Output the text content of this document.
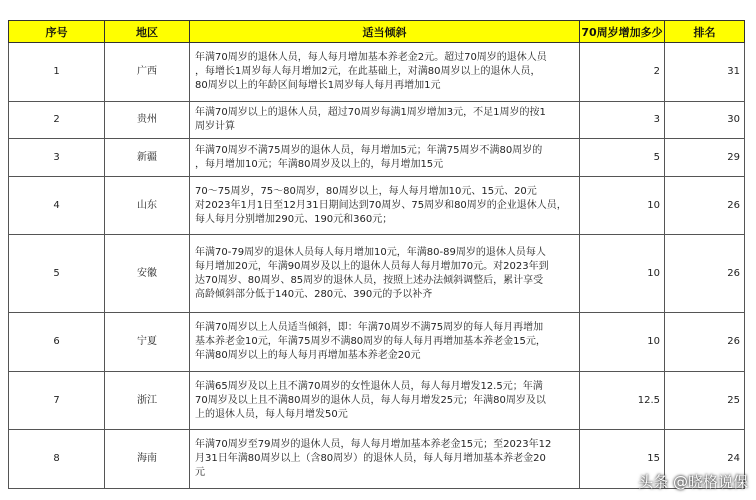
序号	地区	适当倾斜	70周岁增加多少	排名
1	广西	年满70周岁的退休人员，每人每月增加基本养老金2元。超过70周岁的退休人员
，每增长1周岁每人每月增加2元，在此基础上，对满80周岁以上的退休人员，
80周岁以上的年龄区间每增长1周岁每人每月再增加1元	2	31
2	贵州	年满70周岁以上的退休人员，超过70周岁每满1周岁增加3元，不足1周岁的按1
周岁计算	3	30
3	新疆	年满70周岁不满75周岁的退休人员，每月增加5元；年满75周岁不满80周岁的
，每月增加10元；年满80周岁及以上的，每月增加15元	5	29
4	山东	70～75周岁，75～80周岁，80周岁以上，每人每月增加10元、15元、20元
对2023年1月1日至12月31日期间达到70周岁、75周岁和80周岁的企业退休人员，
每人每月分别增加290元、190元和360元；	10	26
5	安徽	年满70-79周岁的退休人员每人每月增加10元，年满80-89周岁的退休人员每人
每月增加20元，年满90周岁及以上的退休人员每人每月增加70元。对2023年到
达70周岁、80周岁、85周岁的退休人员，按照上述办法倾斜调整后，累计享受
高龄倾斜部分低于140元、280元、390元的予以补齐	10	26
6	宁夏	年满70周岁以上人员适当倾斜，即：年满70周岁不满75周岁的每人每月再增加
基本养老金10元，年满75周岁不满80周岁的每人每月再增加基本养老金15元，
年满80周岁以上的每人每月再增加基本养老金20元	10	26
7	浙江	年满65周岁及以上且不满70周岁的女性退休人员，每人每月增发12.5元；年满
70周岁及以上且不满80周岁的退休人员，每人每月增发25元；年满80周岁及以
上的退休人员，每人每月增发50元	12.5	25
8	海南	年满70周岁至79周岁的退休人员，每人每月增加基本养老金15元；至2023年12
月31日年满80周岁以上（含80周岁）的退休人员，每人每月增加基本养老金20
元	15	24
头条 @晓格说保
